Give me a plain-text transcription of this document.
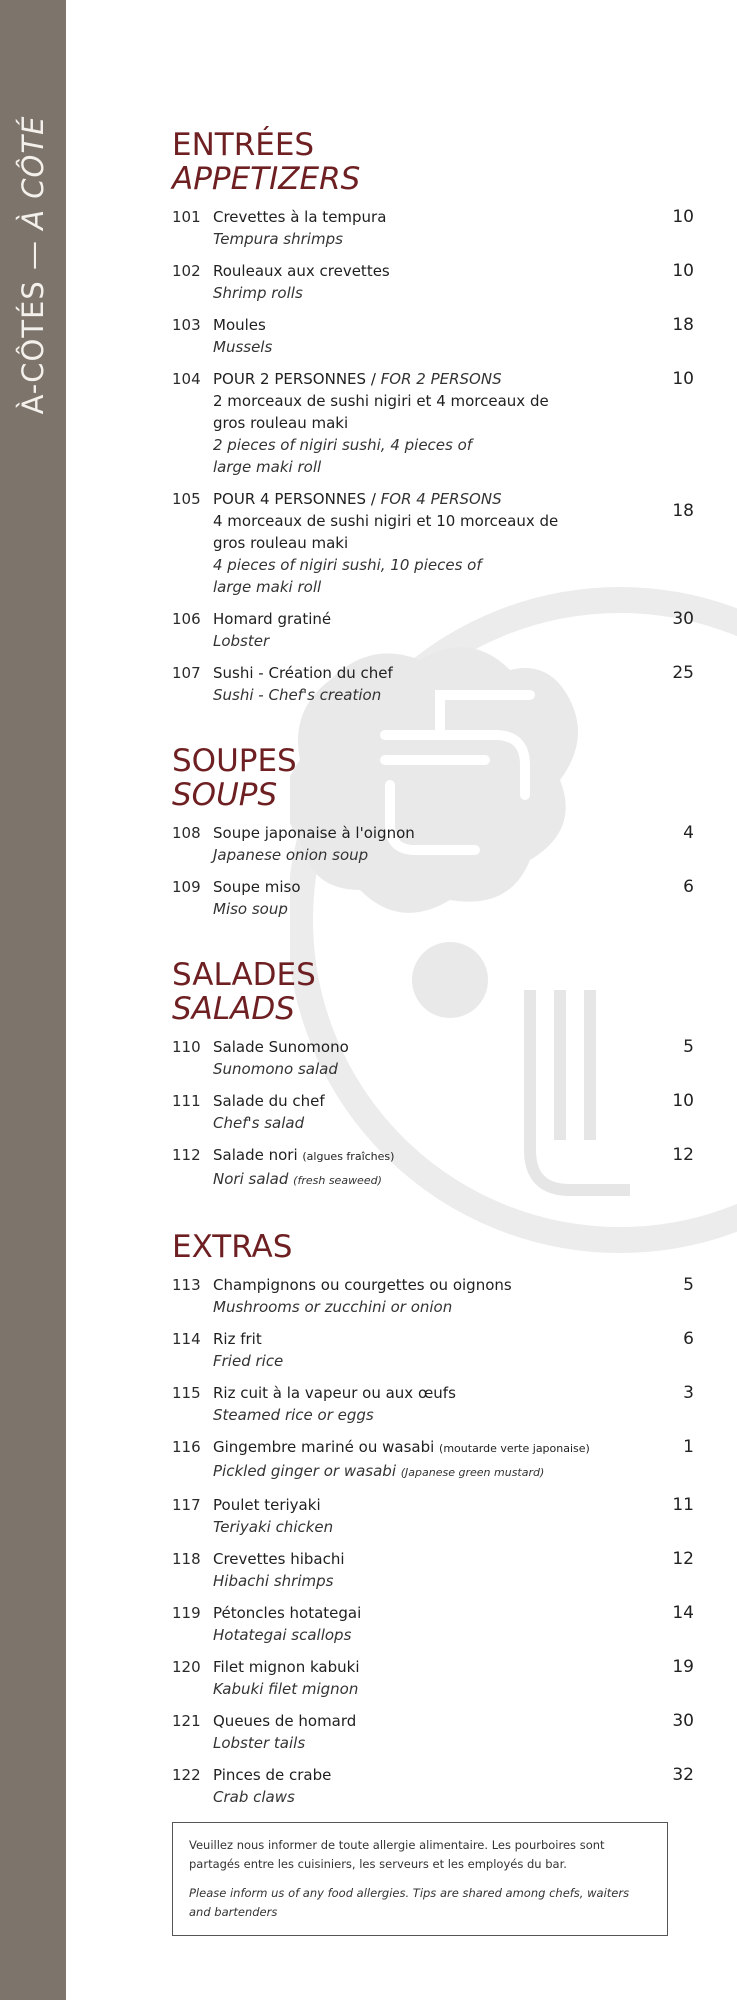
À-CÔTÉS — À CÔTÉ	ENTRÉES
APPETIZERS
101 Crevettes à la tempura
Tempura shrimps
10
102 Rouleaux aux crevettes
Shrimp rolls
10
103 Moules
Mussels
18
104 POUR 2 PERSONNES / FOR 2 PERSONS
2 morceaux de sushi nigiri et 4 morceaux de gros rouleau maki
2 pieces of nigiri sushi, 4 pieces of large maki roll
10
105 POUR 4 PERSONNES / FOR 4 PERSONS
4 morceaux de sushi nigiri et 10 morceaux de gros rouleau maki
4 pieces of nigiri sushi, 10 pieces of large maki roll
18
106 Homard gratiné
Lobster
30
107 Sushi - Création du chef
Sushi - Chef's creation
25
SOUPES
SOUPS
108 Soupe japonaise à l'oignon
Japanese onion soup
4
109 Soupe miso
Miso soup
6
SALADES
SALADS
110 Salade Sunomono
Sunomono salad
5
111 Salade du chef
Chef's salad
10
112 Salade nori (algues fraîches)
Nori salad (fresh seaweed)
12
EXTRAS
113 Champignons ou courgettes ou oignons
Mushrooms or zucchini or onion
5
114 Riz frit
Fried rice
6
115 Riz cuit à la vapeur ou aux œufs
Steamed rice or eggs
3
116 Gingembre mariné ou wasabi (moutarde verte japonaise)
Pickled ginger or wasabi (Japanese green mustard)
1
117 Poulet teriyaki
Teriyaki chicken
11
118 Crevettes hibachi
Hibachi shrimps
12
119 Pétoncles hotategai
Hotategai scallops
14
120 Filet mignon kabuki
Kabuki filet mignon
19
121 Queues de homard
Lobster tails
30
122 Pinces de crabe
Crab claws
32

Veuillez nous informer de toute allergie alimentaire. Les pourboires sont partagés entre les cuisiniers, les serveurs et les employés du bar.

Please inform us of any food allergies. Tips are shared among chefs, waiters and bartenders
